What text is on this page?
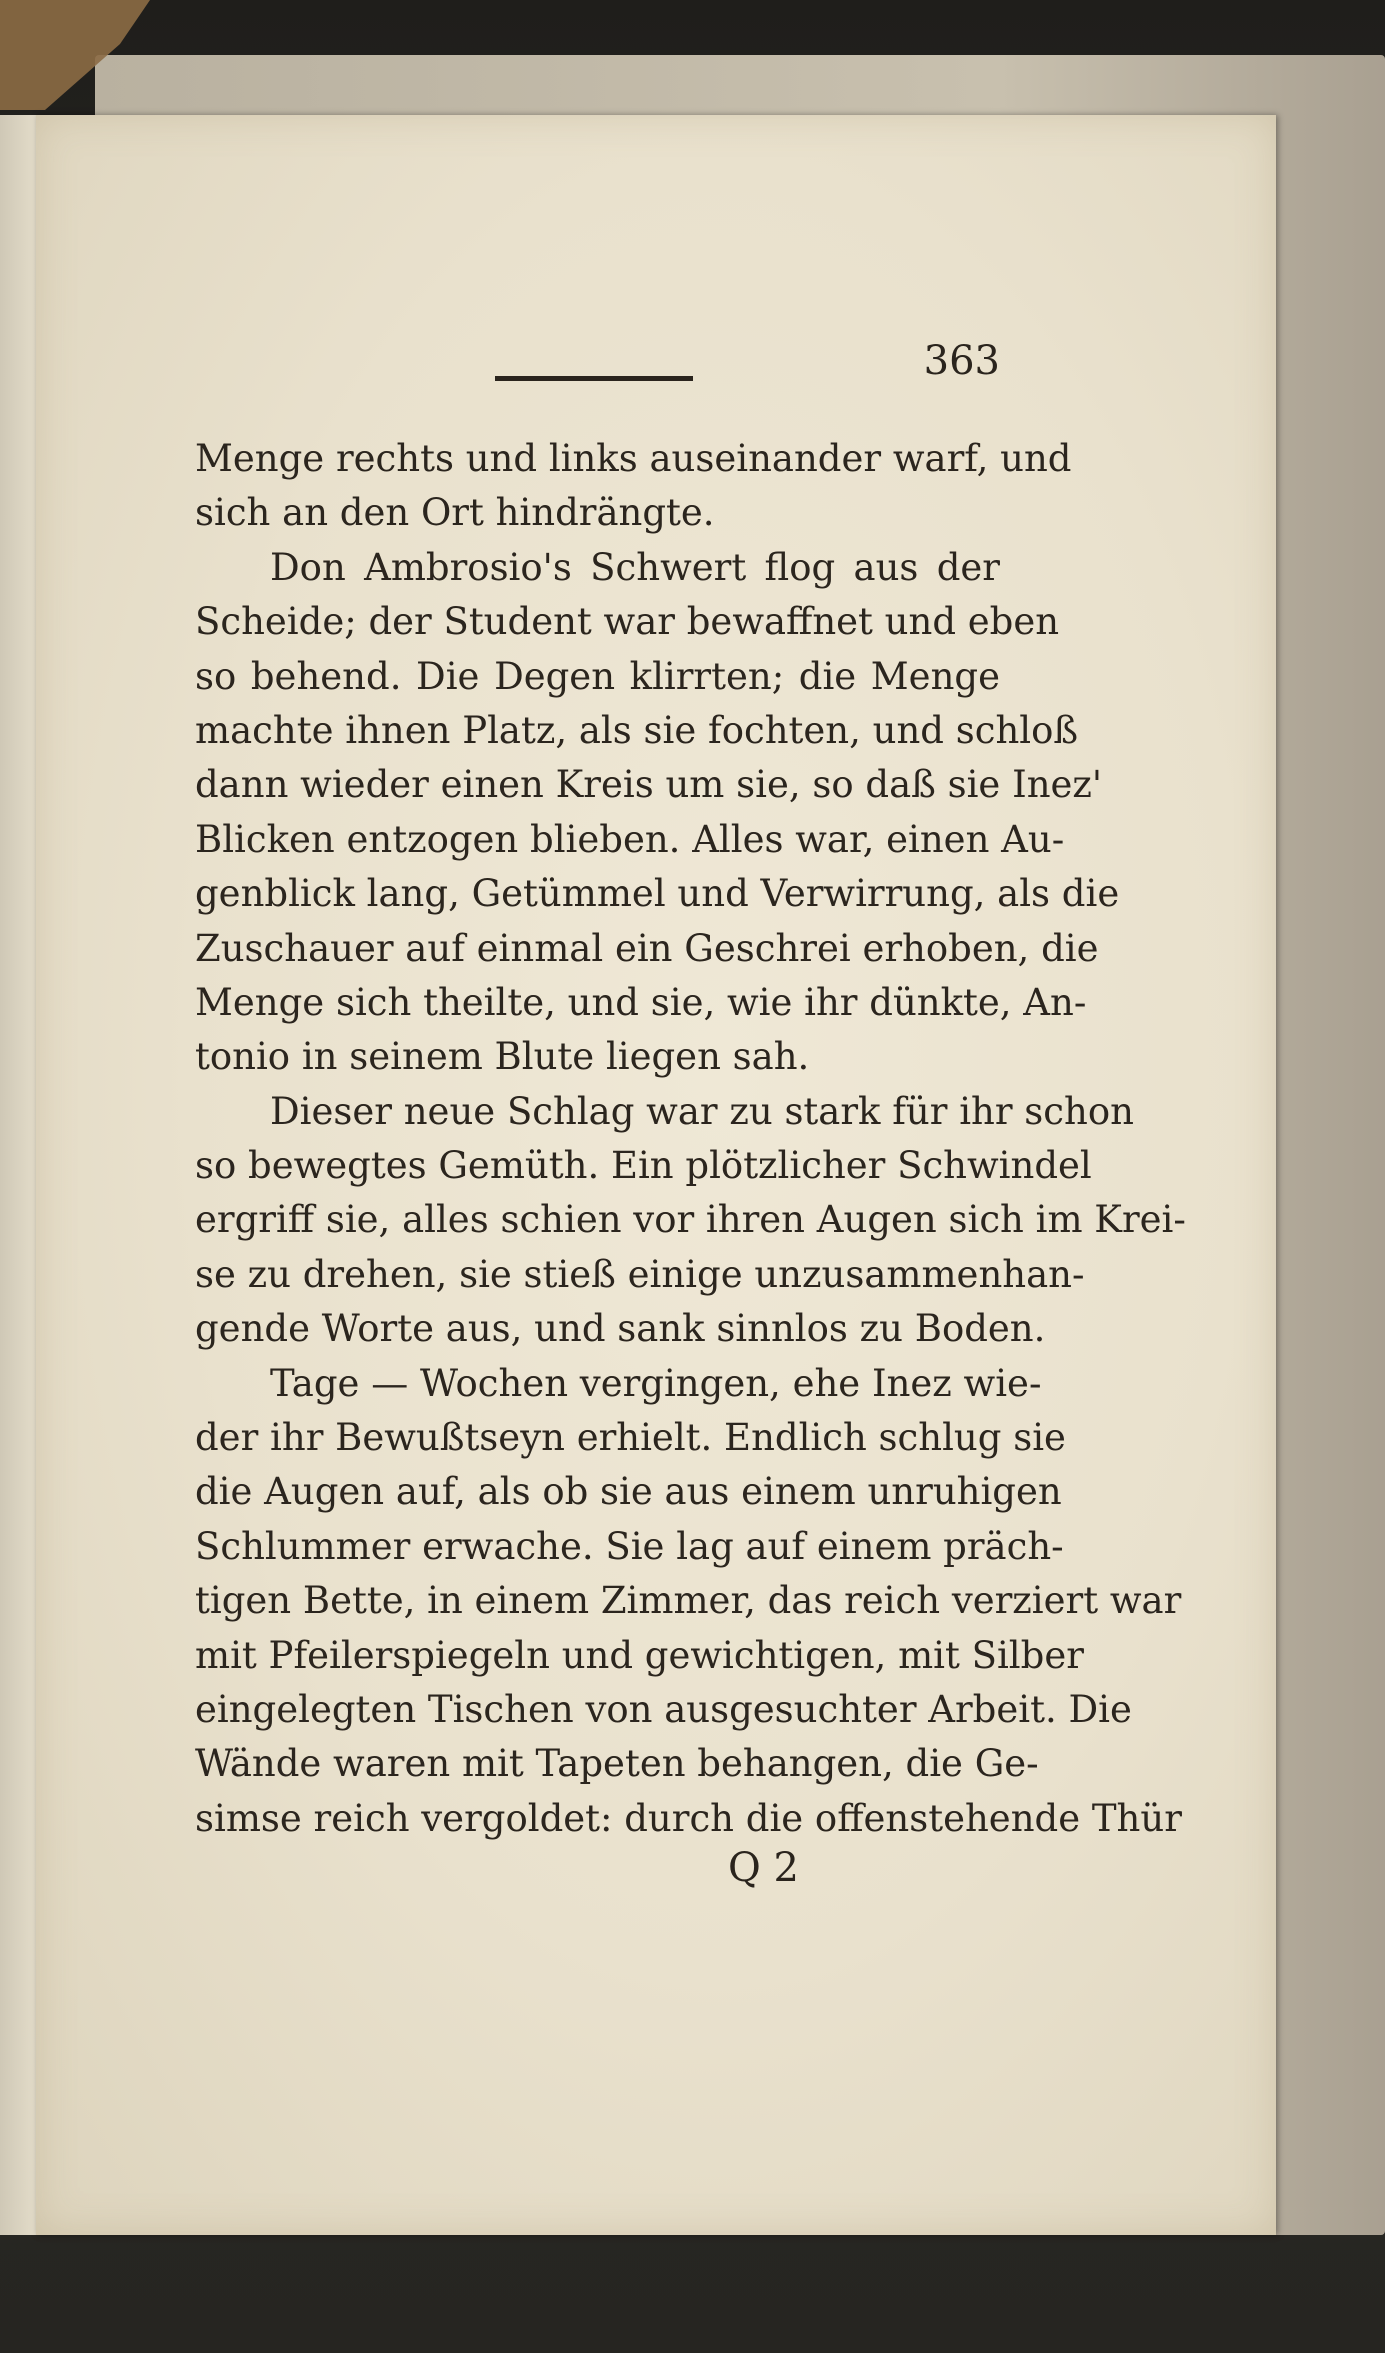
363
Menge rechts und links auseinander warf, und
sich an den Ort hindrängte.
Don Ambrosio's Schwert flog aus der
Scheide; der Student war bewaffnet und eben
so behend. Die Degen klirrten; die Menge
machte ihnen Platz, als sie fochten, und schloß
dann wieder einen Kreis um sie, so daß sie Inez'
Blicken entzogen blieben. Alles war, einen Au-
genblick lang, Getümmel und Verwirrung, als die
Zuschauer auf einmal ein Geschrei erhoben, die
Menge sich theilte, und sie, wie ihr dünkte, An-
tonio in seinem Blute liegen sah.
Dieser neue Schlag war zu stark für ihr schon
so bewegtes Gemüth. Ein plötzlicher Schwindel
ergriff sie, alles schien vor ihren Augen sich im Krei-
se zu drehen, sie stieß einige unzusammenhan-
gende Worte aus, und sank sinnlos zu Boden.
Tage — Wochen vergingen, ehe Inez wie-
der ihr Bewußtseyn erhielt. Endlich schlug sie
die Augen auf, als ob sie aus einem unruhigen
Schlummer erwache. Sie lag auf einem präch-
tigen Bette, in einem Zimmer, das reich verziert war
mit Pfeilerspiegeln und gewichtigen, mit Silber
eingelegten Tischen von ausgesuchter Arbeit. Die
Wände waren mit Tapeten behangen, die Ge-
simse reich vergoldet: durch die offenstehende Thür
Q 2
